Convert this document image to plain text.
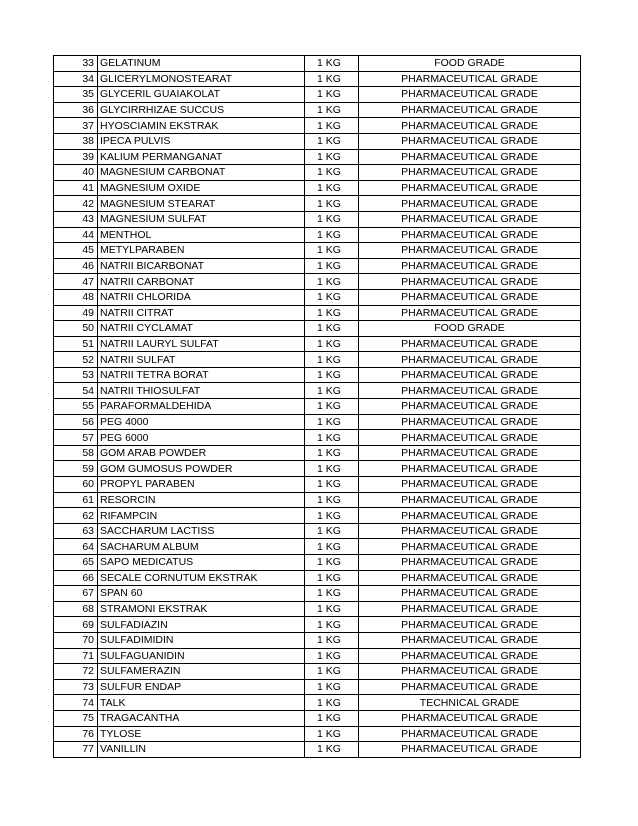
33	GELATINUM	1 KG	FOOD GRADE
34	GLICERYLMONOSTEARAT	1 KG	PHARMACEUTICAL GRADE
35	GLYCERIL GUAIAKOLAT	1 KG	PHARMACEUTICAL GRADE
36	GLYCIRRHIZAE SUCCUS	1 KG	PHARMACEUTICAL GRADE
37	HYOSCIAMIN EKSTRAK	1 KG	PHARMACEUTICAL GRADE
38	IPECA PULVIS	1 KG	PHARMACEUTICAL GRADE
39	KALIUM PERMANGANAT	1 KG	PHARMACEUTICAL GRADE
40	MAGNESIUM CARBONAT	1 KG	PHARMACEUTICAL GRADE
41	MAGNESIUM OXIDE	1 KG	PHARMACEUTICAL GRADE
42	MAGNESIUM STEARAT	1 KG	PHARMACEUTICAL GRADE
43	MAGNESIUM SULFAT	1 KG	PHARMACEUTICAL GRADE
44	MENTHOL	1 KG	PHARMACEUTICAL GRADE
45	METYLPARABEN	1 KG	PHARMACEUTICAL GRADE
46	NATRII BICARBONAT	1 KG	PHARMACEUTICAL GRADE
47	NATRII CARBONAT	1 KG	PHARMACEUTICAL GRADE
48	NATRII CHLORIDA	1 KG	PHARMACEUTICAL GRADE
49	NATRII CITRAT	1 KG	PHARMACEUTICAL GRADE
50	NATRII CYCLAMAT	1 KG	FOOD GRADE
51	NATRII LAURYL SULFAT	1 KG	PHARMACEUTICAL GRADE
52	NATRII SULFAT	1 KG	PHARMACEUTICAL GRADE
53	NATRII TETRA BORAT	1 KG	PHARMACEUTICAL GRADE
54	NATRII THIOSULFAT	1 KG	PHARMACEUTICAL GRADE
55	PARAFORMALDEHIDA	1 KG	PHARMACEUTICAL GRADE
56	PEG 4000	1 KG	PHARMACEUTICAL GRADE
57	PEG 6000	1 KG	PHARMACEUTICAL GRADE
58	GOM ARAB POWDER	1 KG	PHARMACEUTICAL GRADE
59	GOM GUMOSUS POWDER	1 KG	PHARMACEUTICAL GRADE
60	PROPYL PARABEN	1 KG	PHARMACEUTICAL GRADE
61	RESORCIN	1 KG	PHARMACEUTICAL GRADE
62	RIFAMPCIN	1 KG	PHARMACEUTICAL GRADE
63	SACCHARUM LACTISS	1 KG	PHARMACEUTICAL GRADE
64	SACHARUM ALBUM	1 KG	PHARMACEUTICAL GRADE
65	SAPO MEDICATUS	1 KG	PHARMACEUTICAL GRADE
66	SECALE CORNUTUM EKSTRAK	1 KG	PHARMACEUTICAL GRADE
67	SPAN 60	1 KG	PHARMACEUTICAL GRADE
68	STRAMONI EKSTRAK	1 KG	PHARMACEUTICAL GRADE
69	SULFADIAZIN	1 KG	PHARMACEUTICAL GRADE
70	SULFADIMIDIN	1 KG	PHARMACEUTICAL GRADE
71	SULFAGUANIDIN	1 KG	PHARMACEUTICAL GRADE
72	SULFAMERAZIN	1 KG	PHARMACEUTICAL GRADE
73	SULFUR ENDAP	1 KG	PHARMACEUTICAL GRADE
74	TALK	1 KG	TECHNICAL GRADE
75	TRAGACANTHA	1 KG	PHARMACEUTICAL GRADE
76	TYLOSE	1 KG	PHARMACEUTICAL GRADE
77	VANILLIN	1 KG	PHARMACEUTICAL GRADE
